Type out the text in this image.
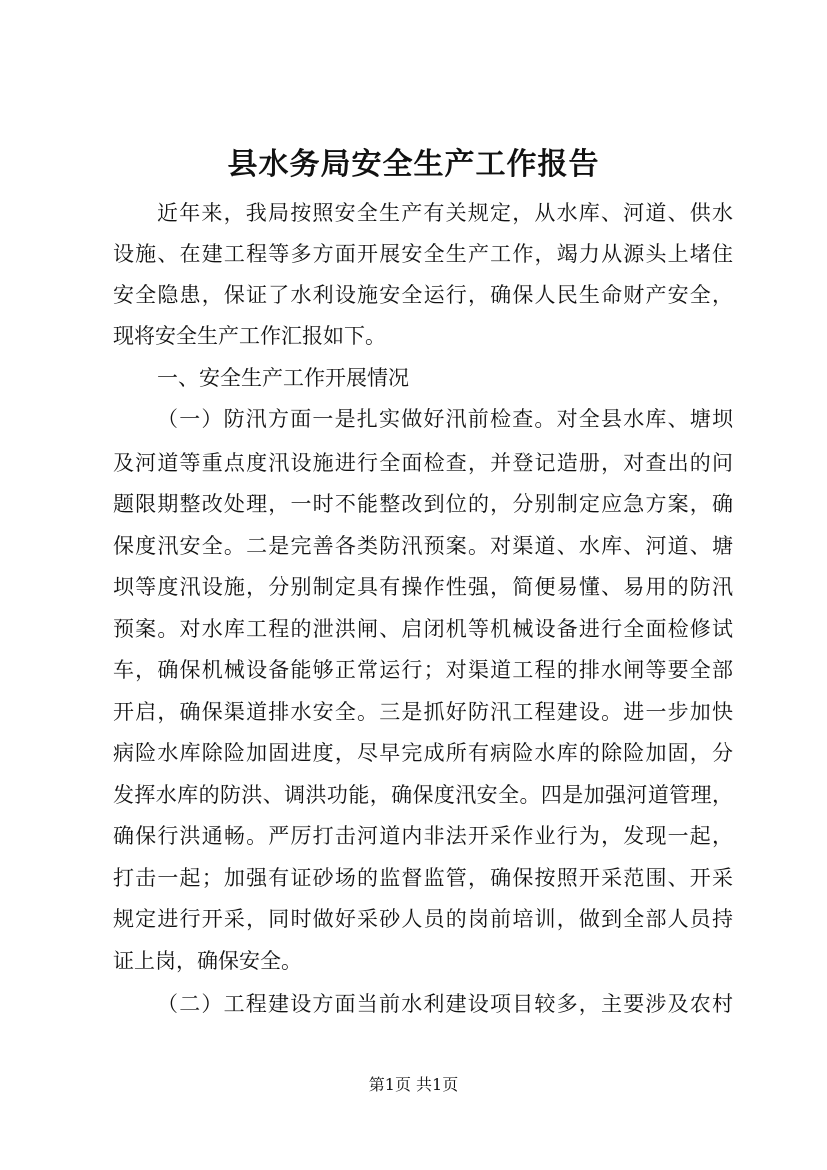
县水务局安全生产工作报告
近年来，我局按照安全生产有关规定，从水库、河道、供水
设施、在建工程等多方面开展安全生产工作，竭力从源头上堵住
安全隐患，保证了水利设施安全运行，确保人民生命财产安全，
现将安全生产工作汇报如下。
一、安全生产工作开展情况
（一）防汛方面一是扎实做好汛前检查。对全县水库、塘坝
及河道等重点度汛设施进行全面检查，并登记造册，对查出的问
题限期整改处理，一时不能整改到位的，分别制定应急方案，确
保度汛安全。二是完善各类防汛预案。对渠道、水库、河道、塘
坝等度汛设施，分别制定具有操作性强，简便易懂、易用的防汛
预案。对水库工程的泄洪闸、启闭机等机械设备进行全面检修试
车，确保机械设备能够正常运行；对渠道工程的排水闸等要全部
开启，确保渠道排水安全。三是抓好防汛工程建设。进一步加快
病险水库除险加固进度，尽早完成所有病险水库的除险加固，分
发挥水库的防洪、调洪功能，确保度汛安全。四是加强河道管理，
确保行洪通畅。严厉打击河道内非法开采作业行为，发现一起，
打击一起；加强有证砂场的监督监管，确保按照开采范围、开采
规定进行开采，同时做好采砂人员的岗前培训，做到全部人员持
证上岗，确保安全。
（二）工程建设方面当前水利建设项目较多，主要涉及农村
第1页 共1页
